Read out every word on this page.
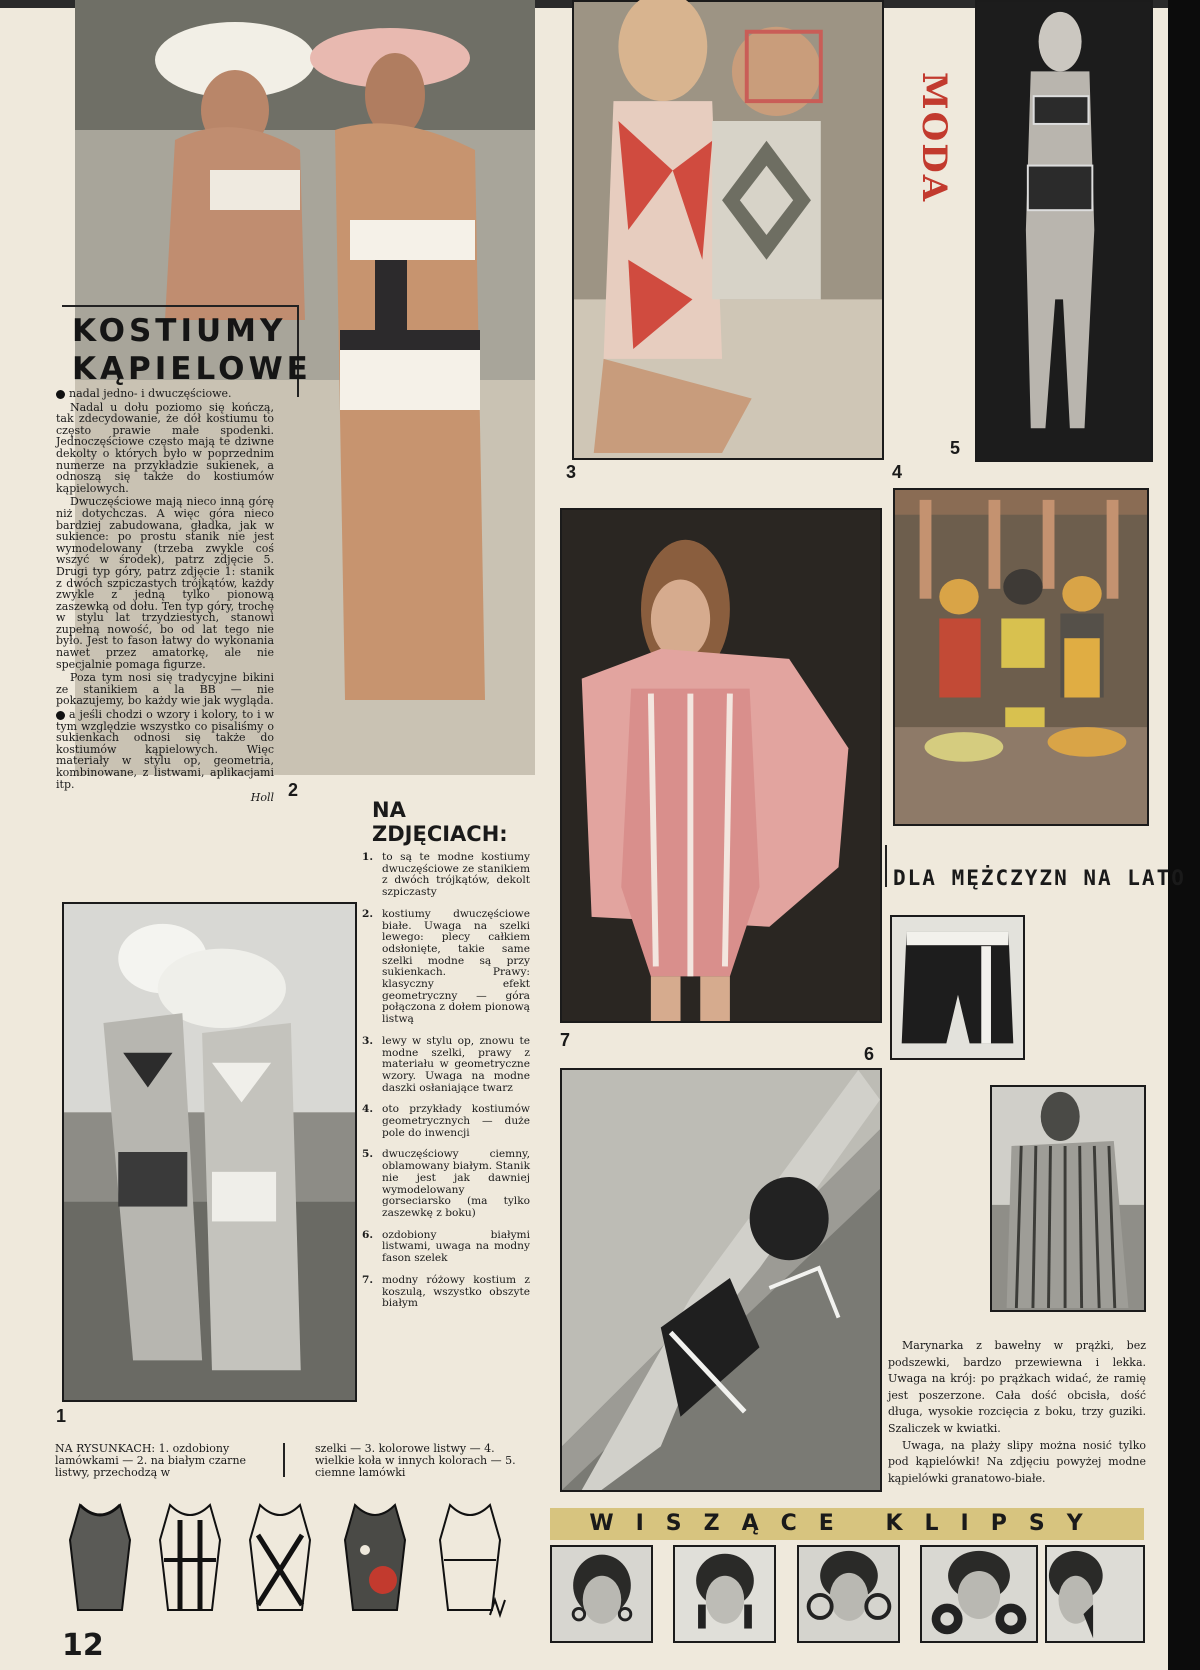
KOSTIUMY
KĄPIELOWE

nadal jedno- i dwuczęściowe.

Nadal u dołu poziomo się kończą, tak zdecydowanie, że dół kostiumu to często prawie małe spodenki. Jednoczęściowe często mają te dziwne dekolty o których było w poprzednim numerze na przykładzie sukienek, a odnoszą się także do kostiumów kąpielowych.

Dwuczęściowe mają nieco inną górę niż dotychczas. A więc góra nieco bardziej zabudowana, gładka, jak w sukience: po prostu stanik nie jest wymodelowany (trzeba zwykle coś wszyć w środek), patrz zdjęcie 5. Drugi typ góry, patrz zdjęcie 1: stanik z dwóch szpiczastych trójkątów, każdy zwykle z jedną tylko pionową zaszewką od dołu. Ten typ góry, trochę w stylu lat trzydziestych, stanowi zupełną nowość, bo od lat tego nie było. Jest to fason łatwy do wykonania nawet przez amatorkę, ale nie specjalnie pomaga figurze.

Poza tym nosi się tradycyjne bikini ze stanikiem a la BB — nie pokazujemy, bo każdy wie jak wygląda.

a jeśli chodzi o wzory i kolory, to i w tym względzie wszystko co pisaliśmy o sukienkach odnosi się także do kostiumów kąpielowych. Więc materiały w stylu op, geometria, kombinowane, z listwami, aplikacjami itp.

Holl 2
3	4
MODA
5
7
6
NA
ZDJĘCIACH:
1. to są te modne kostiumy dwuczęściowe ze stanikiem z dwóch trójkątów, dekolt szpiczasty
2. kostiumy dwuczęściowe białe. Uwaga na szelki lewego: plecy całkiem odsłonięte, takie same szelki modne są przy sukienkach. Prawy: klasyczny efekt geometryczny — góra połączona z dołem pionową listwą
3. lewy w stylu op, znowu te modne szelki, prawy z materiału w geometryczne wzory. Uwaga na modne daszki osłaniające twarz
4. oto przykłady kostiumów geometrycznych — duże pole do inwencji
5. dwuczęściowy ciemny, oblamowany białym. Stanik nie jest jak dawniej wymodelowany gorseciarsko (ma tylko zaszewkę z boku)
6. ozdobiony białymi listwami, uwaga na modny fason szelek
7. modny różowy kostium z koszulą, wszystko obszyte białym
1
DLA MĘŻCZYZN NA LATO

Marynarka z bawełny w prążki, bez podszewki, bardzo przewiewna i lekka. Uwaga na krój: po prążkach widać, że ramię jest poszerzone. Cała dość obcisła, dość długa, wysokie rozcięcia z boku, trzy guziki. Szaliczek w kwiatki.

Uwaga, na plaży slipy można nosić tylko pod kąpielówki! Na zdjęciu powyżej modne kąpielówki granatowo-białe.

NA RYSUNKACH: 1. ozdobiony lamówkami — 2. na białym czarne listwy, przechodzą w
szelki — 3. kolorowe listwy — 4. wielkie koła w innych kolorach — 5. ciemne lamówki
WISZĄCE KLIPSY
12
